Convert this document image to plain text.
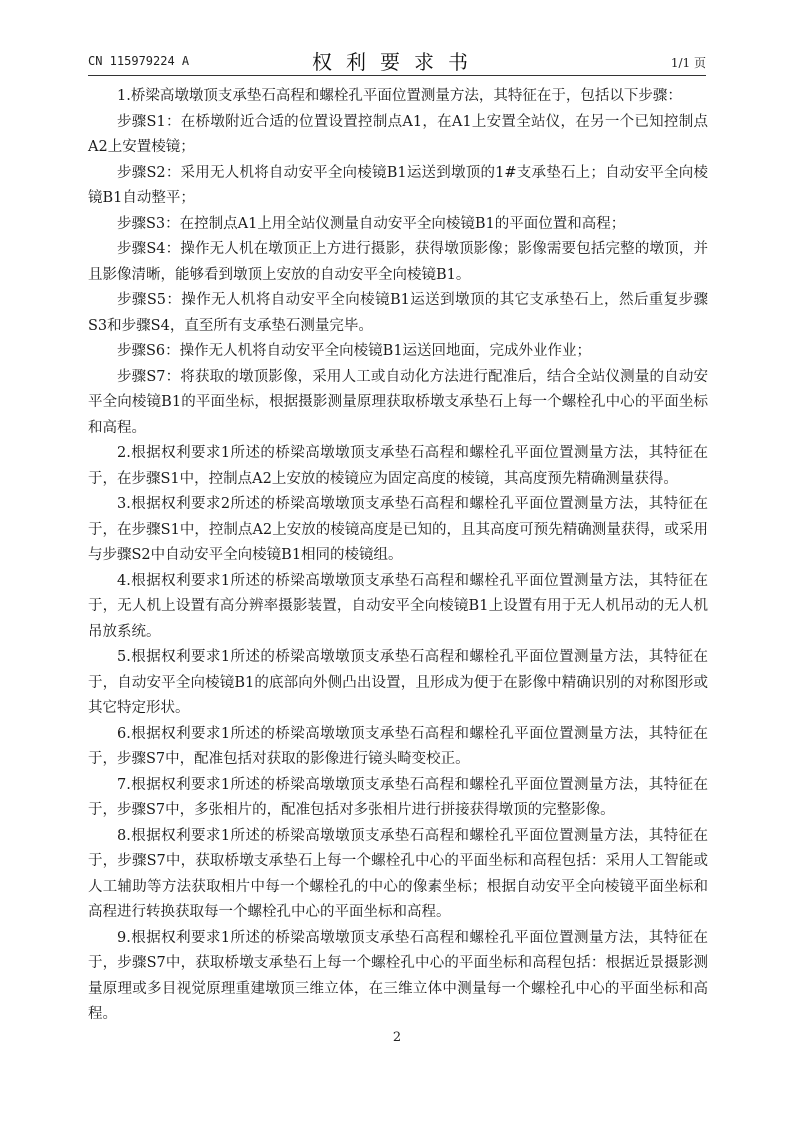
CN 115979224 A	权利要求书	1/1 页

1.桥梁高墩墩顶支承垫石高程和螺栓孔平面位置测量方法，其特征在于，包括以下步骤：

步骤S1：在桥墩附近合适的位置设置控制点A1，在A1上安置全站仪，在另一个已知控制点A2上安置棱镜；

步骤S2：采用无人机将自动安平全向棱镜B1运送到墩顶的1#支承垫石上；自动安平全向棱镜B1自动整平；

步骤S3：在控制点A1上用全站仪测量自动安平全向棱镜B1的平面位置和高程；

步骤S4：操作无人机在墩顶正上方进行摄影，获得墩顶影像；影像需要包括完整的墩顶，并且影像清晰，能够看到墩顶上安放的自动安平全向棱镜B1。

步骤S5：操作无人机将自动安平全向棱镜B1运送到墩顶的其它支承垫石上，然后重复步骤S3和步骤S4，直至所有支承垫石测量完毕。

步骤S6：操作无人机将自动安平全向棱镜B1运送回地面，完成外业作业；

步骤S7：将获取的墩顶影像，采用人工或自动化方法进行配准后，结合全站仪测量的自动安平全向棱镜B1的平面坐标，根据摄影测量原理获取桥墩支承垫石上每一个螺栓孔中心的平面坐标和高程。

2.根据权利要求1所述的桥梁高墩墩顶支承垫石高程和螺栓孔平面位置测量方法，其特征在于，在步骤S1中，控制点A2上安放的棱镜应为固定高度的棱镜，其高度预先精确测量获得。

3.根据权利要求2所述的桥梁高墩墩顶支承垫石高程和螺栓孔平面位置测量方法，其特征在于，在步骤S1中，控制点A2上安放的棱镜高度是已知的，且其高度可预先精确测量获得，或采用与步骤S2中自动安平全向棱镜B1相同的棱镜组。

4.根据权利要求1所述的桥梁高墩墩顶支承垫石高程和螺栓孔平面位置测量方法，其特征在于，无人机上设置有高分辨率摄影装置，自动安平全向棱镜B1上设置有用于无人机吊动的无人机吊放系统。

5.根据权利要求1所述的桥梁高墩墩顶支承垫石高程和螺栓孔平面位置测量方法，其特征在于，自动安平全向棱镜B1的底部向外侧凸出设置，且形成为便于在影像中精确识别的对称图形或其它特定形状。

6.根据权利要求1所述的桥梁高墩墩顶支承垫石高程和螺栓孔平面位置测量方法，其特征在于，步骤S7中，配准包括对获取的影像进行镜头畸变校正。

7.根据权利要求1所述的桥梁高墩墩顶支承垫石高程和螺栓孔平面位置测量方法，其特征在于，步骤S7中，多张相片的，配准包括对多张相片进行拼接获得墩顶的完整影像。

8.根据权利要求1所述的桥梁高墩墩顶支承垫石高程和螺栓孔平面位置测量方法，其特征在于，步骤S7中，获取桥墩支承垫石上每一个螺栓孔中心的平面坐标和高程包括：采用人工智能或人工辅助等方法获取相片中每一个螺栓孔的中心的像素坐标；根据自动安平全向棱镜平面坐标和高程进行转换获取每一个螺栓孔中心的平面坐标和高程。

9.根据权利要求1所述的桥梁高墩墩顶支承垫石高程和螺栓孔平面位置测量方法，其特征在于，步骤S7中，获取桥墩支承垫石上每一个螺栓孔中心的平面坐标和高程包括：根据近景摄影测量原理或多目视觉原理重建墩顶三维立体，在三维立体中测量每一个螺栓孔中心的平面坐标和高程。

2
